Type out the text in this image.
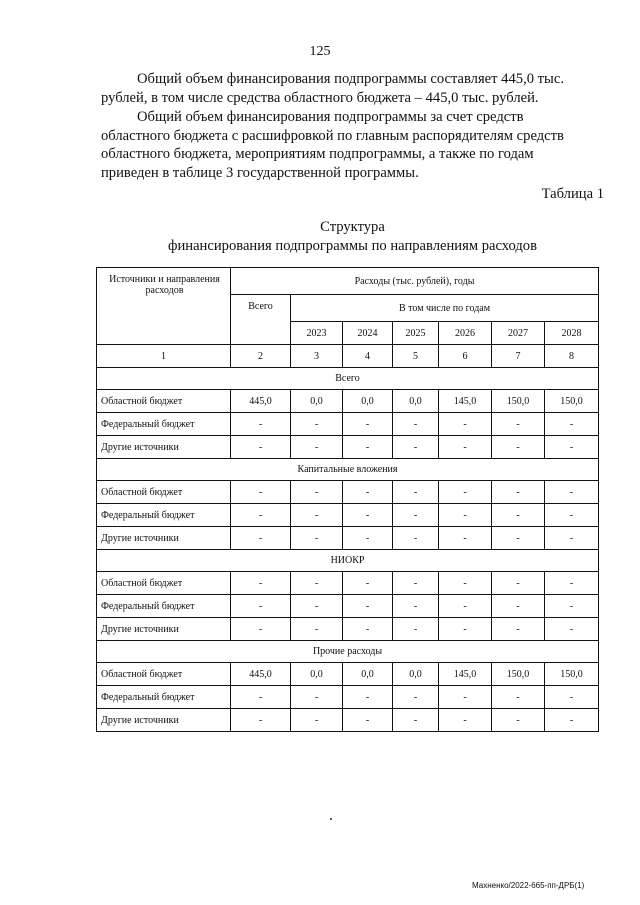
125

Общий объем финансирования подпрограммы составляет 445,0 тыс.
рублей, в том числе средства областного бюджета – 445,0 тыс. рублей.

Общий объем финансирования подпрограммы за счет средств
областного бюджета с расшифровкой по главным распорядителям средств
областного бюджета, мероприятиям подпрограммы, а также по годам
приведен в таблице 3 государственной программы.

Таблица 1
Структура
финансирования подпрограммы по направлениям расходов
Источники и направления расходов	Расходы (тыс. рублей), годы						
	Всего	В том числе по годам					
		2023	2024	2025	2026	2027	2028
1	2	3	4	5	6	7	8
Всего							
Областной бюджет	445,0	0,0	0,0	0,0	145,0	150,0	150,0
Федеральный бюджет	-	-	-	-	-	-	-
Другие источники	-	-	-	-	-	-	-
Капитальные вложения							
Областной бюджет	-	-	-	-	-	-	-
Федеральный бюджет	-	-	-	-	-	-	-
Другие источники	-	-	-	-	-	-	-
НИОКР							
Областной бюджет	-	-	-	-	-	-	-
Федеральный бюджет	-	-	-	-	-	-	-
Другие источники	-	-	-	-	-	-	-
Прочие расходы							
Областной бюджет	445,0	0,0	0,0	0,0	145,0	150,0	150,0
Федеральный бюджет	-	-	-	-	-	-	-
Другие источники	-	-	-	-	-	-	-
Махненко/2022-665-пп-ДРБ(1)
